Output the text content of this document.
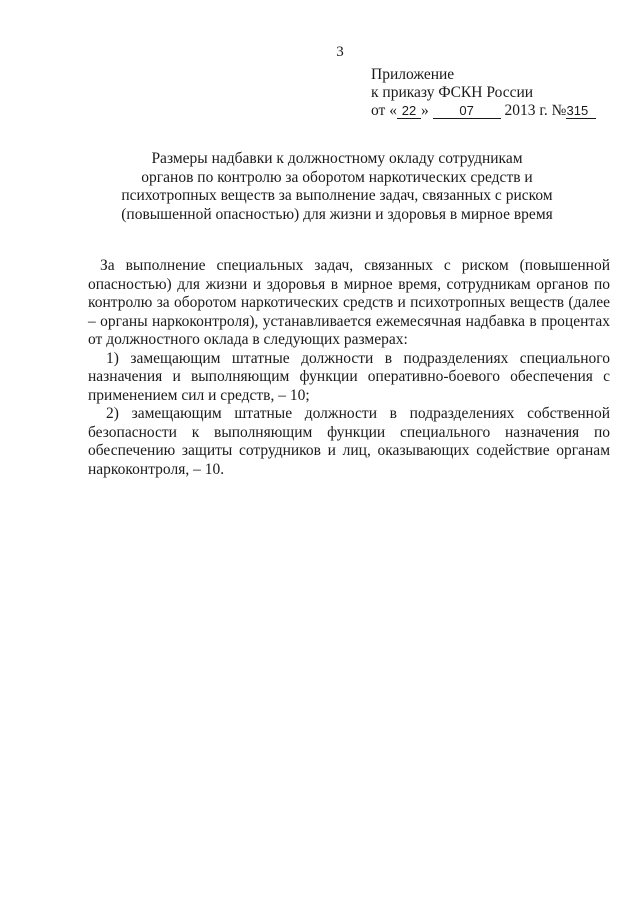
3
Приложение
к приказу ФСКН России
от « 22 » 07 2013 г. №315
Размеры надбавки к должностному окладу сотрудникам
органов по контролю за оборотом наркотических средств и
психотропных веществ за выполнение задач, связанных с риском
(повышенной опасностью) для жизни и здоровья в мирное время

За выполнение специальных задач, связанных с риском (повышенной опасностью) для жизни и здоровья в мирное время, сотрудникам органов по контролю за оборотом наркотических средств и психотропных веществ (далее – органы наркоконтроля), устанавливается ежемесячная надбавка в процентах от должностного оклада в следующих размерах:

1) замещающим штатные должности в подразделениях специального назначения и выполняющим функции оперативно-боевого обеспечения с применением сил и средств, – 10;

2) замещающим штатные должности в подразделениях собственной безопасности к выполняющим функции специального назначения по обеспечению защиты сотрудников и лиц, оказывающих содействие органам наркоконтроля, – 10.
